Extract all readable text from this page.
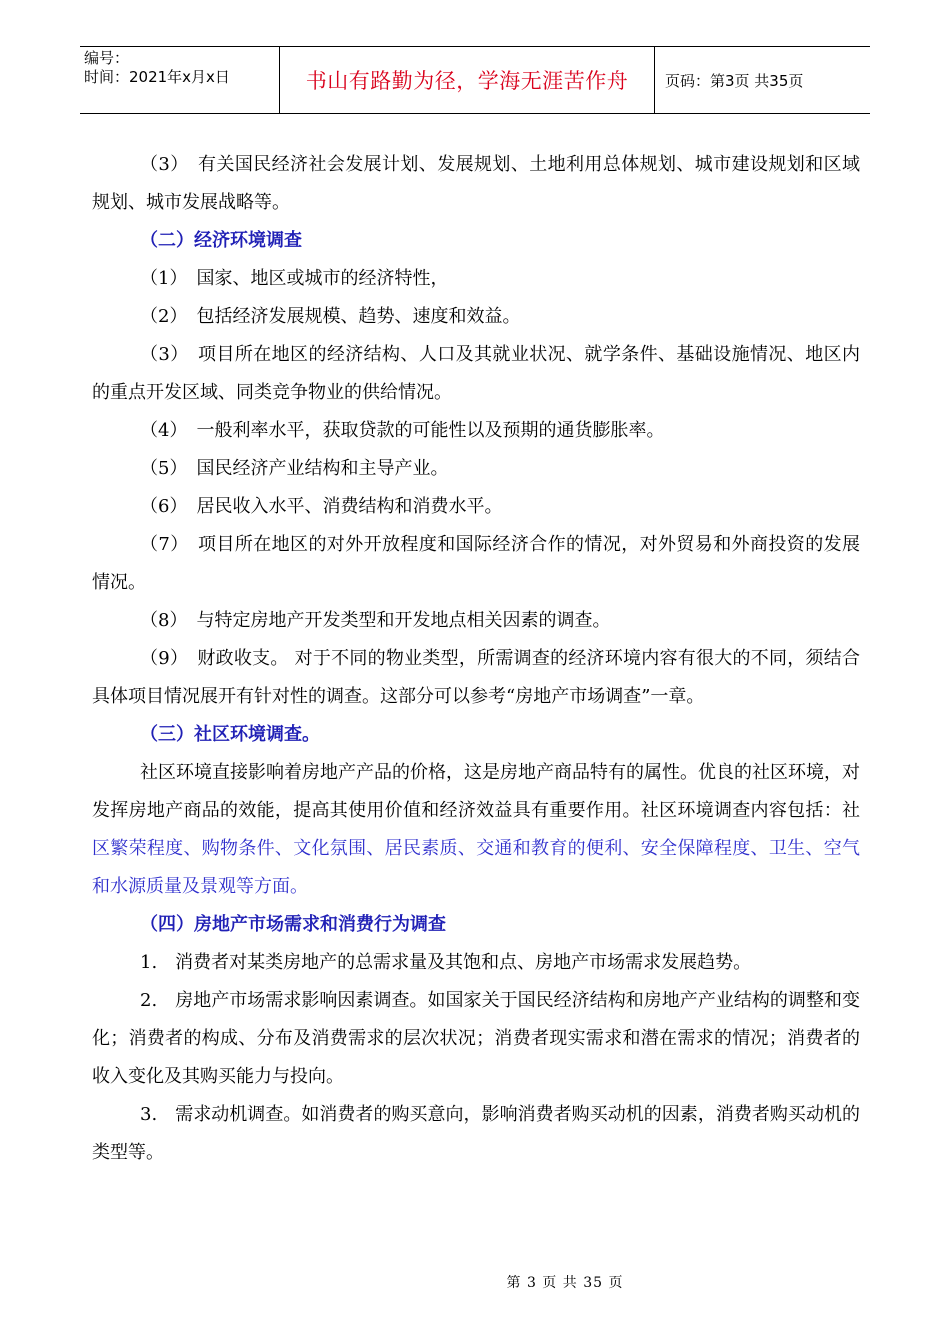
编号：
时间：2021年x月x日	书山有路勤为径，学海无涯苦作舟	页码：第3页 共35页

（3）　有关国民经济社会发展计划、发展规划、土地利用总体规划、城市建设规划和区域规划、城市发展战略等。

（二）经济环境调查

（1）　国家、地区或城市的经济特性，

（2）　包括经济发展规模、趋势、速度和效益。

（3）　项目所在地区的经济结构、人口及其就业状况、就学条件、基础设施情况、地区内的重点开发区域、同类竞争物业的供给情况。

（4）　一般利率水平，获取贷款的可能性以及预期的通货膨胀率。

（5）　国民经济产业结构和主导产业。

（6）　居民收入水平、消费结构和消费水平。

（7）　项目所在地区的对外开放程度和国际经济合作的情况，对外贸易和外商投资的发展情况。

（8）　与特定房地产开发类型和开发地点相关因素的调查。

（9）　财政收支。 对于不同的物业类型，所需调查的经济环境内容有很大的不同，须结合具体项目情况展开有针对性的调查。这部分可以参考“房地产市场调查”一章。

（三）社区环境调查。

社区环境直接影响着房地产产品的价格，这是房地产商品特有的属性。优良的社区环境，对发挥房地产商品的效能，提高其使用价值和经济效益具有重要作用。社区环境调查内容包括：社区繁荣程度、购物条件、文化氛围、居民素质、交通和教育的便利、安全保障程度、卫生、空气和水源质量及景观等方面。

（四）房地产市场需求和消费行为调查

1.　消费者对某类房地产的总需求量及其饱和点、房地产市场需求发展趋势。

2.　房地产市场需求影响因素调查。如国家关于国民经济结构和房地产产业结构的调整和变化；消费者的构成、分布及消费需求的层次状况；消费者现实需求和潜在需求的情况；消费者的收入变化及其购买能力与投向。

3.　需求动机调查。如消费者的购买意向，影响消费者购买动机的因素，消费者购买动机的类型等。

第 3 页 共 35 页
